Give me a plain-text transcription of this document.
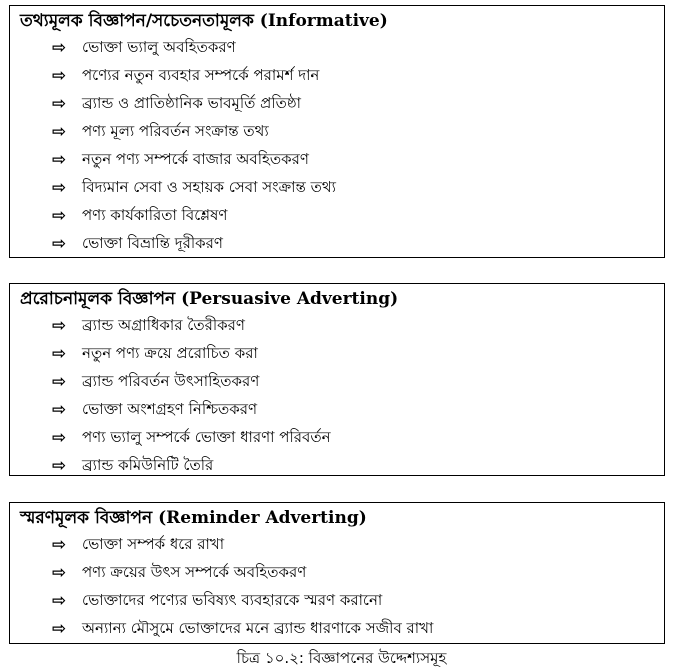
তথ্যমূলক বিজ্ঞাপন/সচেতনতামূলক (Informative)
⇨	ভোক্তা ভ্যালু অবহিতকরণ
⇨	পণ্যের নতুন ব্যবহার সম্পর্কে পরামর্শ দান
⇨	ব্র্যান্ড ও প্রাতিষ্ঠানিক ভাবমূর্তি প্রতিষ্ঠা
⇨	পণ্য মূল্য পরিবর্তন সংক্রান্ত তথ্য
⇨	নতুন পণ্য সম্পর্কে বাজার অবহিতকরণ
⇨	বিদ্যমান সেবা ও সহায়ক সেবা সংক্রান্ত তথ্য
⇨	পণ্য কার্যকারিতা বিশ্লেষণ
⇨	ভোক্তা বিভ্রান্তি দূরীকরণ
প্ররোচনামূলক বিজ্ঞাপন (Persuasive Adverting)
⇨	ব্র্যান্ড অগ্রাধিকার তৈরীকরণ
⇨	নতুন পণ্য ক্রয়ে প্ররোচিত করা
⇨	ব্র্যান্ড পরিবর্তন উৎসাহিতকরণ
⇨	ভোক্তা অংশগ্রহণ নিশ্চিতকরণ
⇨	পণ্য ভ্যালু সম্পর্কে ভোক্তা ধারণা পরিবর্তন
⇨	ব্র্যান্ড কমিউনিটি তৈরি
স্মরণমূলক বিজ্ঞাপন (Reminder Adverting)
⇨	ভোক্তা সম্পর্ক ধরে রাখা
⇨	পণ্য ক্রয়ের উৎস সম্পর্কে অবহিতকরণ
⇨	ভোক্তাদের পণ্যের ভবিষ্যৎ ব্যবহারকে স্মরণ করানো
⇨	অন্যান্য মৌসুমে ভোক্তাদের মনে ব্র্যান্ড ধারণাকে সজীব রাখা
চিত্র ১০.২: বিজ্ঞাপনের উদ্দেশ্যসমূহ
